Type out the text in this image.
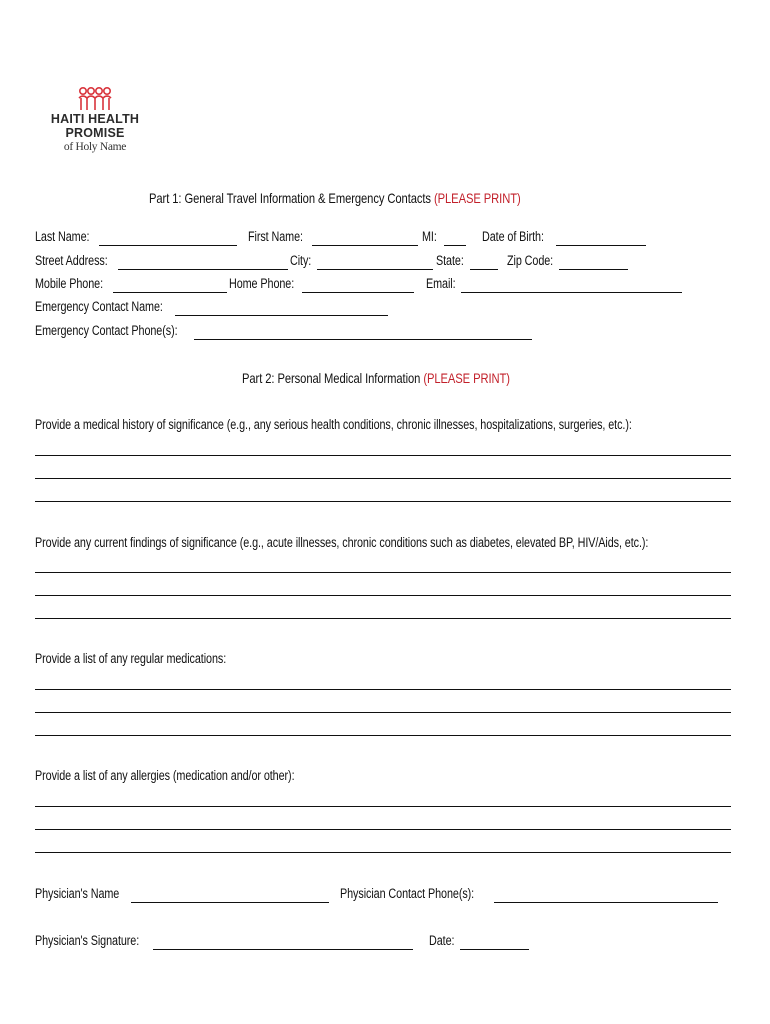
HAITI HEALTH
PROMISE
of Holy Name
Part 1: General Travel Information & Emergency Contacts (PLEASE PRINT)
Last Name:	First Name:	MI:	Date of Birth:
Street Address:	City:	State:	Zip Code:
Mobile Phone:	Home Phone:	Email:
Emergency Contact Name:
Emergency Contact Phone(s):
Part 2: Personal Medical Information (PLEASE PRINT)
Provide a medical history of significance (e.g., any serious health conditions, chronic illnesses, hospitalizations, surgeries, etc.):
Provide any current findings of significance (e.g., acute illnesses, chronic conditions such as diabetes, elevated BP, HIV/Aids, etc.):
Provide a list of any regular medications:
Provide a list of any allergies (medication and/or other):
Physician's Name	Physician Contact Phone(s):
Physician's Signature:	Date:
